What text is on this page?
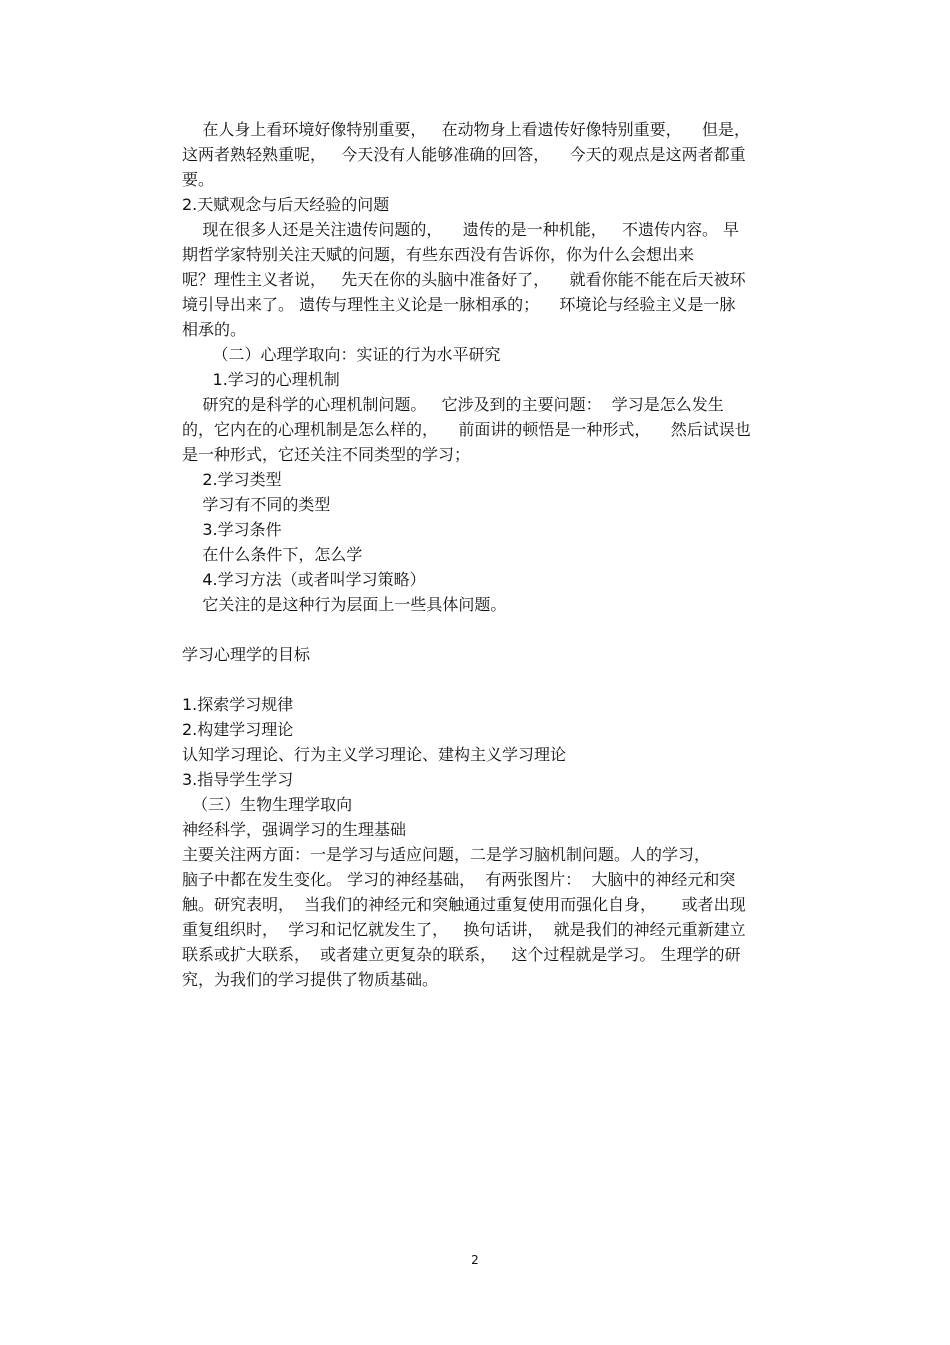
在人身上看环境好像特别重要，   在动物身上看遗传好像特别重要，    但是，
这两者熟轻熟重呢，   今天没有人能够准确的回答，    今天的观点是这两者都重
要。
2.天赋观念与后天经验的问题
现在很多人还是关注遗传问题的，    遗传的是一种机能，   不遗传内容。 早
期哲学家特别关注天赋的问题，有些东西没有告诉你，你为什么会想出来
呢？理性主义者说，   先天在你的头脑中准备好了，    就看你能不能在后天被环
境引导出来了。 遗传与理性主义论是一脉相承的；    环境论与经验主义是一脉
相承的。
（二）心理学取向：实证的行为水平研究
1.学习的心理机制
研究的是科学的心理机制问题。   它涉及到的主要问题：  学习是怎么发生
的，它内在的心理机制是怎么样的，    前面讲的顿悟是一种形式，    然后试误也
是一种形式，它还关注不同类型的学习；
2.学习类型
学习有不同的类型
3.学习条件
在什么条件下，怎么学
4.学习方法（或者叫学习策略）
它关注的是这种行为层面上一些具体问题。
学习心理学的目标
1.探索学习规律
2.构建学习理论
认知学习理论、行为主义学习理论、建构主义学习理论
3.指导学生学习
（三）生物生理学取向
神经科学，强调学习的生理基础
主要关注两方面：一是学习与适应问题，二是学习脑机制问题。人的学习，
脑子中都在发生变化。 学习的神经基础，  有两张图片：  大脑中的神经元和突
触。研究表明，  当我们的神经元和突触通过重复使用而强化自身，     或者出现
重复组织时，  学习和记忆就发生了，   换句话讲，  就是我们的神经元重新建立
联系或扩大联系，  或者建立更复杂的联系，   这个过程就是学习。 生理学的研
究，为我们的学习提供了物质基础。
2
